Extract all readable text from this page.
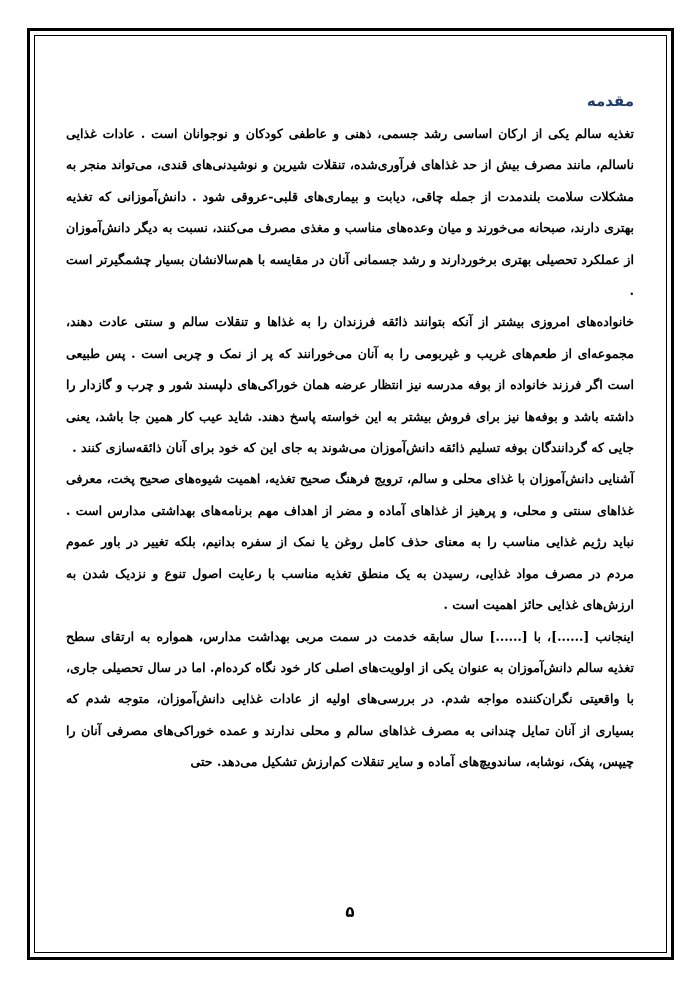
مقدمه

تغذیه سالم یکی از ارکان اساسی رشد جسمی، ذهنی و عاطفی کودکان و نوجوانان است . عادات غذایی ناسالم، مانند مصرف بیش از حد غذاهای فرآوری‌شده، تنقلات شیرین و نوشیدنی‌های قندی، می‌تواند منجر به مشکلات سلامت بلندمدت از جمله چاقی، دیابت و بیماری‌های قلبی-عروقی شود . دانش‌آموزانی که تغذیه بهتری دارند، صبحانه می‌خورند و میان وعده‌های مناسب و مغذی مصرف می‌کنند، نسبت به دیگر دانش‌آموزان از عملکرد تحصیلی بهتری برخوردارند و رشد جسمانی آنان در مقایسه با هم‌سالانشان بسیار چشمگیرتر است .

خانواده‌های امروزی بیشتر از آنکه بتوانند ذائقه فرزندان را به غذاها و تنقلات سالم و سنتی عادت دهند، مجموعه‌ای از طعم‌های غریب و غیربومی را به آنان می‌خورانند که پر از نمک و چربی است . پس طبیعی است اگر فرزند خانواده از بوفه مدرسه نیز انتظار عرضه همان خوراکی‌های دلپسند شور و چرب و گازدار را داشته باشد و بوفه‌ها نیز برای فروش بیشتر به این خواسته پاسخ دهند. شاید عیب کار همین جا باشد، یعنی جایی که گردانندگان بوفه تسلیم ذائقه دانش‌آموزان می‌شوند به جای این که خود برای آنان ذائقه‌سازی کنند .

آشنایی دانش‌آموزان با غذای محلی و سالم، ترویج فرهنگ صحیح تغذیه، اهمیت شیوه‌های صحیح پخت، معرفی غذاهای سنتی و محلی، و پرهیز از غذاهای آماده و مضر از اهداف مهم برنامه‌های بهداشتی مدارس است . نباید رژیم غذایی مناسب را به معنای حذف کامل روغن یا نمک از سفره بدانیم، بلکه تغییر در باور عموم مردم در مصرف مواد غذایی، رسیدن به یک منطق تغذیه مناسب با رعایت اصول تنوع و نزدیک شدن به ارزش‌های غذایی حائز اهمیت است .

اینجانب [......]، با [......] سال سابقه خدمت در سمت مربی بهداشت مدارس، همواره به ارتقای سطح تغذیه سالم دانش‌آموزان به عنوان یکی از اولویت‌های اصلی کار خود نگاه کرده‌ام. اما در سال تحصیلی جاری، با واقعیتی نگران‌کننده مواجه شدم. در بررسی‌های اولیه از عادات غذایی دانش‌آموزان، متوجه شدم که بسیاری از آنان تمایل چندانی به مصرف غذاهای سالم و محلی ندارند و عمده خوراکی‌های مصرفی آنان را چیپس، پفک، نوشابه، ساندویچ‌های آماده و سایر تنقلات کم‌ارزش تشکیل می‌دهد. حتی

۵
